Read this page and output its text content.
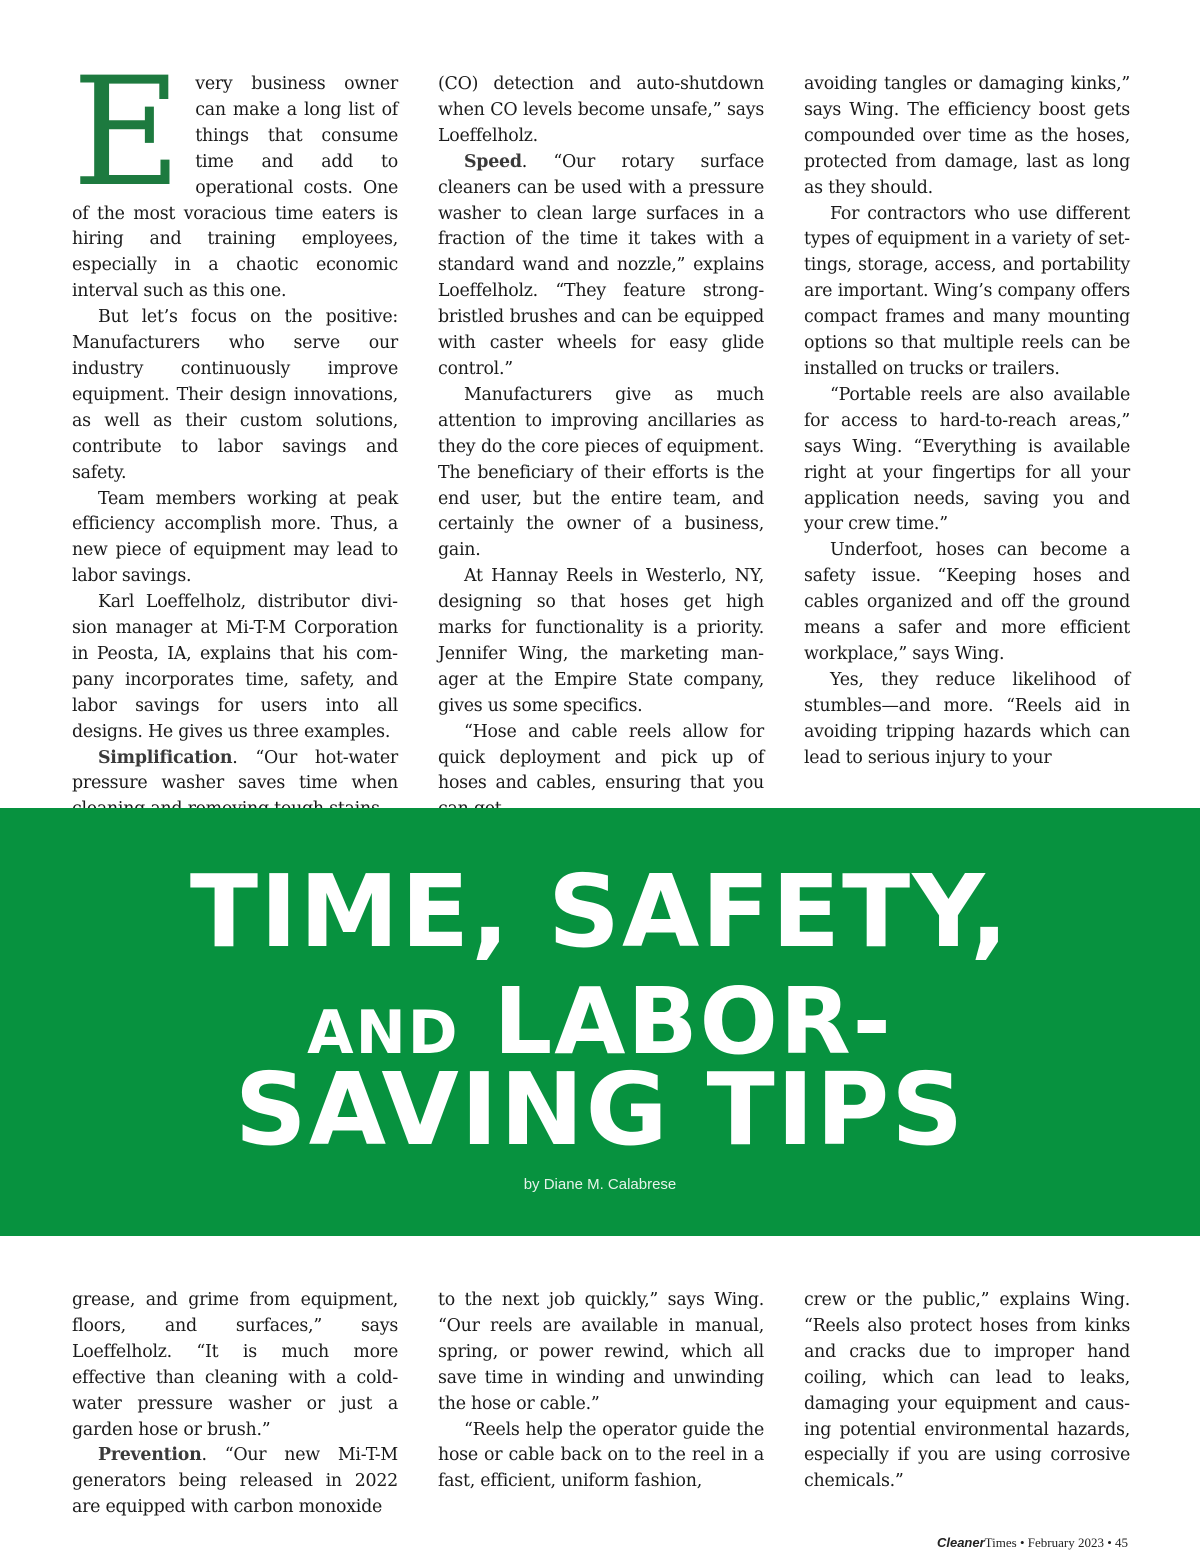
E very business owner can make a long list of things that consume time and add to operational costs. One of the most voracious time eaters is hiring and training employees, especially in a chaotic economic interval such as this one.

But let’s focus on the positive: Manufacturers who serve our industry continuously improve equipment. Their design innovations, as well as their custom solutions, contribute to labor savings and safety.

Team members working at peak efficiency accomplish more. Thus, a new piece of equipment may lead to labor savings.

Karl Loeffelholz, distributor division manager at Mi-T-M Corporation in Peosta, IA, explains that his company incorporates time, safety, and labor savings for users into all designs. He gives us three examples.

Simplification. “Our hot-water pressure washer saves time when

(CO) detection and auto-shutdown when CO levels become unsafe,” says Loeffelholz.

Speed. “Our rotary surface cleaners can be used with a pressure washer to clean large surfaces in a fraction of the time it takes with a standard wand and nozzle,” explains Loeffelholz. “They feature strong-bristled brushes and can be equipped with caster wheels for easy glide control.”

Manufacturers give as much attention to improving ancillaries as they do the core pieces of equipment. The beneficiary of their efforts is the end user, but the entire team, and certainly the owner of a business, gain.

At Hannay Reels in Westerlo, NY, designing so that hoses get high marks for functionality is a priority. Jennifer Wing, the marketing manager at the Empire State company, gives us some specifics.

“Hose and cable reels allow for quick deployment and pick up of hoses and cables, ensuring that you

avoiding tangles or damaging kinks,” says Wing. The efficiency boost gets compounded over time as the hoses, protected from damage, last as long as they should.

For contractors who use different types of equipment in a variety of settings, storage, access, and portability are important. Wing’s company offers compact frames and many mounting options so that multiple reels can be installed on trucks or trailers.

“Portable reels are also available for access to hard-to-reach areas,” says Wing. “Everything is available right at your fingertips for all your application needs, saving you and your crew time.”

Underfoot, hoses can become a safety issue. “Keeping hoses and cables organized and off the ground means a safer and more efficient workplace,” says Wing.

Yes, they reduce likelihood of stumbles—and more. “Reels aid in avoiding tripping hazards which can lead to serious injury to your

TIME, SAFETY,
AND LABOR-
SAVING TIPS
by Diane M. Calabrese

grease, and grime from equipment, floors, and surfaces,” says Loeffelholz. “It is much more effective than cleaning with a cold-water pressure washer or just a garden hose or brush.”

Prevention. “Our new Mi-T-M generators being released in 2022 are equipped with carbon monoxide

to the next job quickly,” says Wing. “Our reels are available in manual, spring, or power rewind, which all save time in winding and unwinding the hose or cable.”

“Reels help the operator guide the hose or cable back on to the reel in a fast, efficient, uniform fashion,

crew or the public,” explains Wing. “Reels also protect hoses from kinks and cracks due to improper hand coiling, which can lead to leaks, damaging your equipment and causing potential environmental hazards, especially if you are using corrosive chemicals.”

CleanerTimes • February 2023 • 45
